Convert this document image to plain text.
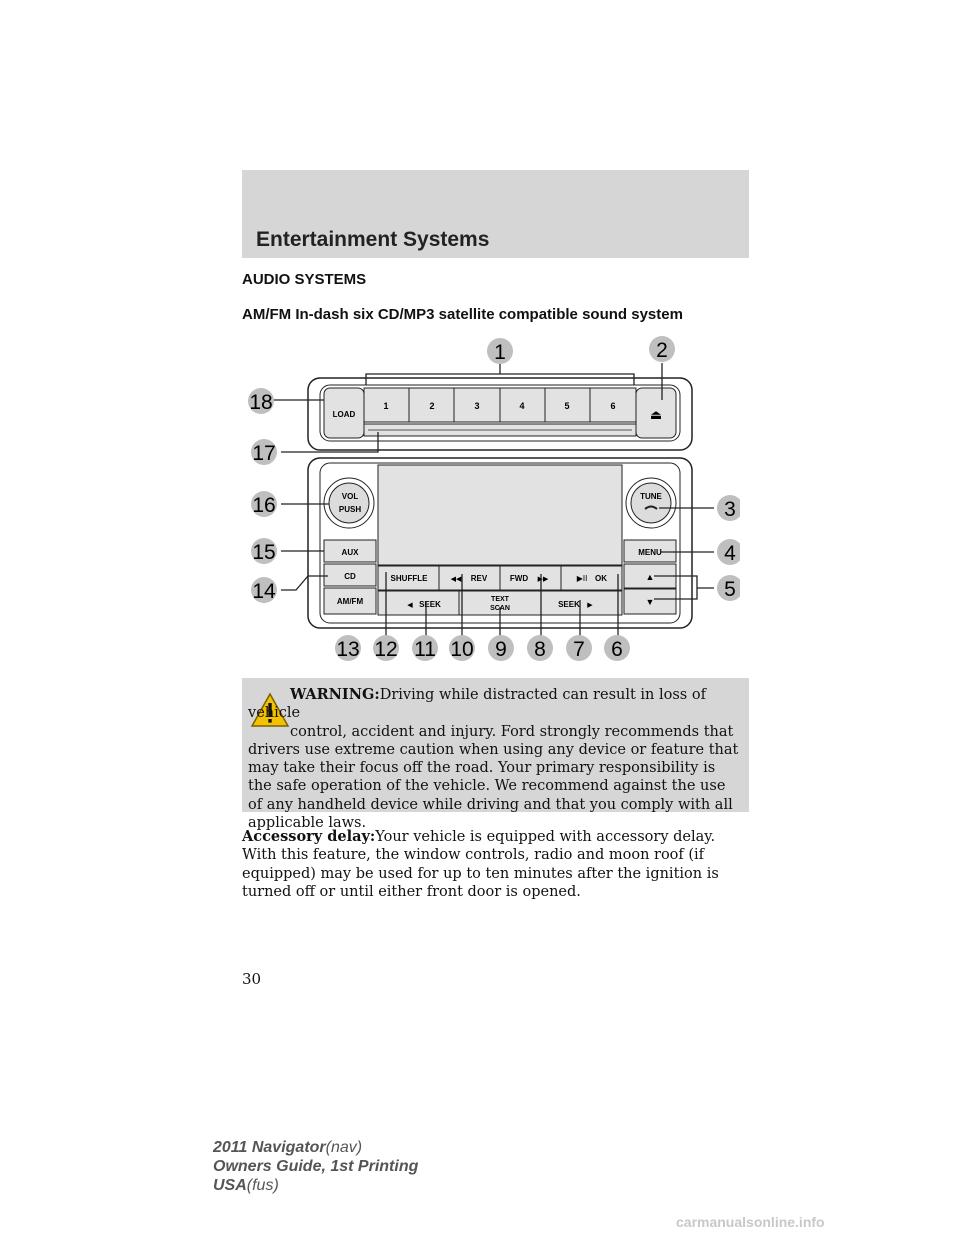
Entertainment Systems
AUDIO SYSTEMS
AM/FM In-dash six CD/MP3 satellite compatible sound system
LOAD
1	2	3	4	5	6
⏏
VOL
PUSH
TUNE
AUX
CD
AM/FM
MENU
▲
▼
SHUFFLE	◀◀ REV	FWD ▶▶	▶II OK
◀ SEEK
TEXT
SCAN	SEEK ▶
1	2
3
4
5
6
7
8
9
10
11
12
13
14
15
16
17
18
WARNING:Driving while distracted can result in loss of vehicle
control, accident and injury. Ford strongly recommends that
drivers use extreme caution when using any device or feature that may take their focus off the road. Your primary responsibility is the safe operation of the vehicle. We recommend against the use of any handheld device while driving and that you comply with all applicable laws.
Accessory delay:Your vehicle is equipped with accessory delay. With this feature, the window controls, radio and moon roof (if equipped) may be used for up to ten minutes after the ignition is turned off or until either front door is opened.
30
2011 Navigator(nav)
Owners Guide, 1st Printing
USA(fus)
carmanualsonline.info
